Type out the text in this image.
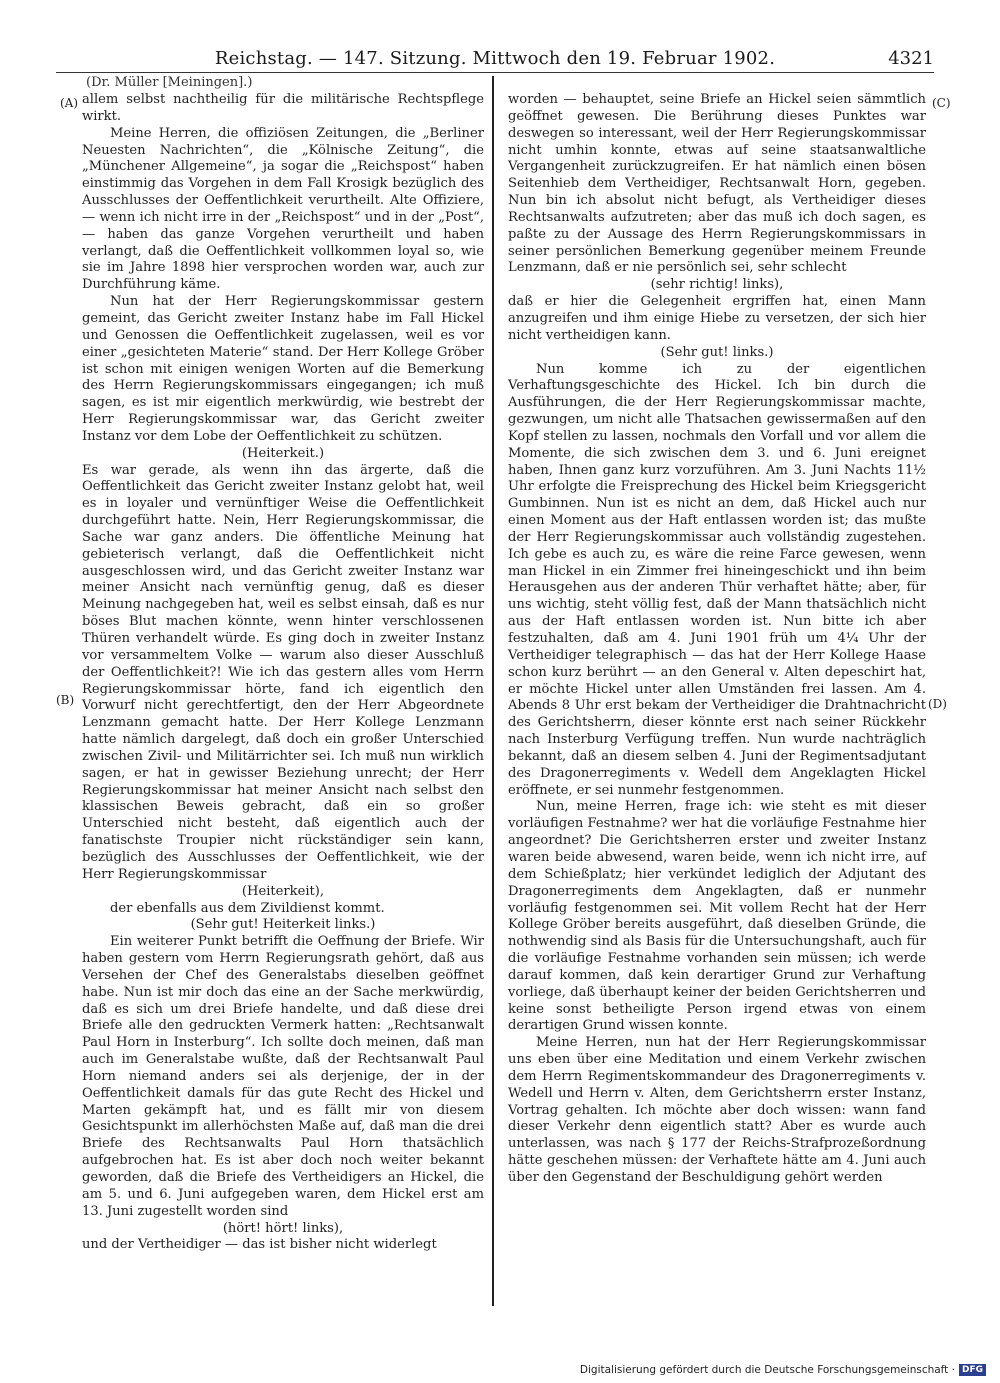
Reichstag. — 147. Sitzung. Mittwoch den 19. Februar 1902.	4321
(Dr. Müller [Meiningen].)
(A)
(B)
(C)
(D)

allem selbst nachtheilig für die militärische Rechtspflege wirkt.

Meine Herren, die offiziösen Zeitungen, die „Berliner Neuesten Nachrichten“, die „Kölnische Zeitung“, die „Münchener Allgemeine“, ja sogar die „Reichspost“ haben einstimmig das Vorgehen in dem Fall Krosigk bezüglich des Ausschlusses der Oeffentlichkeit verurtheilt. Alte Offiziere, — wenn ich nicht irre in der „Reichspost“ und in der „Post“, — haben das ganze Vorgehen verurtheilt und haben verlangt, daß die Oeffentlichkeit vollkommen loyal so, wie sie im Jahre 1898 hier versprochen worden war, auch zur Durchführung käme.

Nun hat der Herr Regierungskommissar gestern gemeint, das Gericht zweiter Instanz habe im Fall Hickel und Genossen die Oeffentlichkeit zugelassen, weil es vor einer „gesichteten Materie“ stand. Der Herr Kollege Gröber ist schon mit einigen wenigen Worten auf die Bemerkung des Herrn Regierungskommissars eingegangen; ich muß sagen, es ist mir eigentlich merkwürdig, wie bestrebt der Herr Regierungskommissar war, das Gericht zweiter Instanz vor dem Lobe der Oeffentlichkeit zu schützen.

(Heiterkeit.)

Es war gerade, als wenn ihn das ärgerte, daß die Oeffentlichkeit das Gericht zweiter Instanz gelobt hat, weil es in loyaler und vernünftiger Weise die Oeffentlichkeit durchgeführt hatte. Nein, Herr Regierungskommissar, die Sache war ganz anders. Die öffentliche Meinung hat gebieterisch verlangt, daß die Oeffentlichkeit nicht ausgeschlossen wird, und das Gericht zweiter Instanz war meiner Ansicht nach vernünftig genug, daß es dieser Meinung nachgegeben hat, weil es selbst einsah, daß es nur böses Blut machen könnte, wenn hinter verschlossenen Thüren verhandelt würde. Es ging doch in zweiter Instanz vor versammeltem Volke — warum also dieser Ausschluß der Oeffentlichkeit?! Wie ich das gestern alles vom Herrn Regierungskommissar hörte, fand ich eigentlich den Vorwurf nicht gerechtfertigt, den der Herr Abgeordnete Lenzmann gemacht hatte. Der Herr Kollege Lenzmann hatte nämlich dargelegt, daß doch ein großer Unterschied zwischen Zivil- und Militärrichter sei. Ich muß nun wirklich sagen, er hat in gewisser Beziehung unrecht; der Herr Regierungskommissar hat meiner Ansicht nach selbst den klassischen Beweis gebracht, daß ein so großer Unterschied nicht besteht, daß eigentlich auch der fanatischste Troupier nicht rückständiger sein kann, bezüglich des Ausschlusses der Oeffentlichkeit, wie der Herr Regierungskommissar

(Heiterkeit),

der ebenfalls aus dem Zivildienst kommt.

(Sehr gut! Heiterkeit links.)

Ein weiterer Punkt betrifft die Oeffnung der Briefe. Wir haben gestern vom Herrn Regierungsrath gehört, daß aus Versehen der Chef des Generalstabs dieselben geöffnet habe. Nun ist mir doch das eine an der Sache merkwürdig, daß es sich um drei Briefe handelte, und daß diese drei Briefe alle den gedruckten Vermerk hatten: „Rechtsanwalt Paul Horn in Insterburg“. Ich sollte doch meinen, daß man auch im Generalstabe wußte, daß der Rechtsanwalt Paul Horn niemand anders sei als derjenige, der in der Oeffentlichkeit damals für das gute Recht des Hickel und Marten gekämpft hat, und es fällt mir von diesem Gesichtspunkt im allerhöchsten Maße auf, daß man die drei Briefe des Rechtsanwalts Paul Horn thatsächlich aufgebrochen hat. Es ist aber doch noch weiter bekannt geworden, daß die Briefe des Vertheidigers an Hickel, die am 5. und 6. Juni aufgegeben waren, dem Hickel erst am 13. Juni zugestellt worden sind

(hört! hört! links),

und der Vertheidiger — das ist bisher nicht widerlegt

worden — behauptet, seine Briefe an Hickel seien sämmtlich geöffnet gewesen. Die Berührung dieses Punktes war deswegen so interessant, weil der Herr Regierungskommissar nicht umhin konnte, etwas auf seine staatsanwaltliche Vergangenheit zurückzugreifen. Er hat nämlich einen bösen Seitenhieb dem Vertheidiger, Rechtsanwalt Horn, gegeben. Nun bin ich absolut nicht befugt, als Vertheidiger dieses Rechtsanwalts aufzutreten; aber das muß ich doch sagen, es paßte zu der Aussage des Herrn Regierungskommissars in seiner persönlichen Bemerkung gegenüber meinem Freunde Lenzmann, daß er nie persönlich sei, sehr schlecht

(sehr richtig! links),

daß er hier die Gelegenheit ergriffen hat, einen Mann anzugreifen und ihm einige Hiebe zu versetzen, der sich hier nicht vertheidigen kann.

(Sehr gut! links.)

Nun komme ich zu der eigentlichen Verhaftungsgeschichte des Hickel. Ich bin durch die Ausführungen, die der Herr Regierungskommissar machte, gezwungen, um nicht alle Thatsachen gewissermaßen auf den Kopf stellen zu lassen, nochmals den Vorfall und vor allem die Momente, die sich zwischen dem 3. und 6. Juni ereignet haben, Ihnen ganz kurz vorzuführen. Am 3. Juni Nachts 11½ Uhr erfolgte die Freisprechung des Hickel beim Kriegsgericht Gumbinnen. Nun ist es nicht an dem, daß Hickel auch nur einen Moment aus der Haft entlassen worden ist; das mußte der Herr Regierungskommissar auch vollständig zugestehen. Ich gebe es auch zu, es wäre die reine Farce gewesen, wenn man Hickel in ein Zimmer frei hineingeschickt und ihn beim Herausgehen aus der anderen Thür verhaftet hätte; aber, für uns wichtig, steht völlig fest, daß der Mann thatsächlich nicht aus der Haft entlassen worden ist. Nun bitte ich aber festzuhalten, daß am 4. Juni 1901 früh um 4¼ Uhr der Vertheidiger telegraphisch — das hat der Herr Kollege Haase schon kurz berührt — an den General v. Alten depeschirt hat, er möchte Hickel unter allen Umständen frei lassen. Am 4. Abends 8 Uhr erst bekam der Vertheidiger die Drahtnachricht des Gerichtsherrn, dieser könnte erst nach seiner Rückkehr nach Insterburg Verfügung treffen. Nun wurde nachträglich bekannt, daß an diesem selben 4. Juni der Regimentsadjutant des Dragonerregiments v. Wedell dem Angeklagten Hickel eröffnete, er sei nunmehr festgenommen.

Nun, meine Herren, frage ich: wie steht es mit dieser vorläufigen Festnahme? wer hat die vorläufige Festnahme hier angeordnet? Die Gerichtsherren erster und zweiter Instanz waren beide abwesend, waren beide, wenn ich nicht irre, auf dem Schießplatz; hier verkündet lediglich der Adjutant des Dragonerregiments dem Angeklagten, daß er nunmehr vorläufig festgenommen sei. Mit vollem Recht hat der Herr Kollege Gröber bereits ausgeführt, daß dieselben Gründe, die nothwendig sind als Basis für die Untersuchungshaft, auch für die vorläufige Festnahme vorhanden sein müssen; ich werde darauf kommen, daß kein derartiger Grund zur Verhaftung vorliege, daß überhaupt keiner der beiden Gerichtsherren und keine sonst betheiligte Person irgend etwas von einem derartigen Grund wissen konnte.

Meine Herren, nun hat der Herr Regierungskommissar uns eben über eine Meditation und einem Verkehr zwischen dem Herrn Regimentskommandeur des Dragonerregiments v. Wedell und Herrn v. Alten, dem Gerichtsherrn erster Instanz, Vortrag gehalten. Ich möchte aber doch wissen: wann fand dieser Verkehr denn eigentlich statt? Aber es wurde auch unterlassen, was nach § 177 der Reichs-Strafprozeßordnung hätte geschehen müssen: der Verhaftete hätte am 4. Juni auch über den Gegenstand der Beschuldigung gehört werden

Digitalisierung gefördert durch die Deutsche Forschungsgemeinschaft · DFG
